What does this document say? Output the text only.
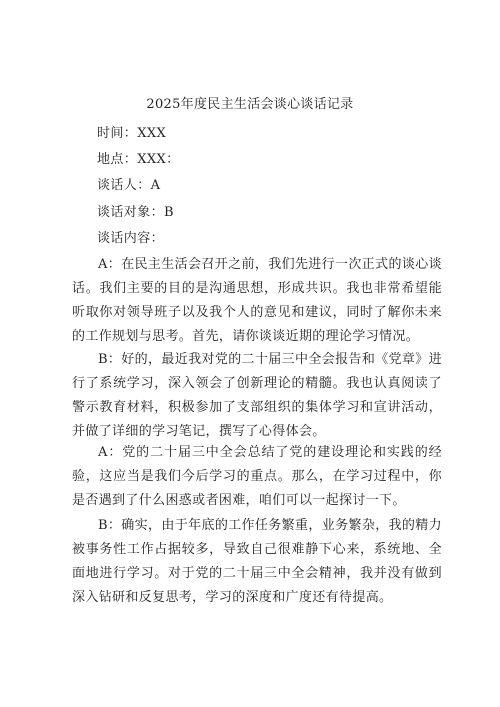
2025年度民主生活会谈心谈话记录
时间：XXX
地点：XXX：
谈话人：A
谈话对象：B
谈话内容：

A：在民主生活会召开之前，我们先进行一次正式的谈心谈话。我们主要的目的是沟通思想，形成共识。我也非常希望能听取你对领导班子以及我个人的意见和建议，同时了解你未来的工作规划与思考。首先，请你谈谈近期的理论学习情况。

B：好的，最近我对党的二十届三中全会报告和《党章》进行了系统学习，深入领会了创新理论的精髓。我也认真阅读了警示教育材料，积极参加了支部组织的集体学习和宣讲活动，并做了详细的学习笔记，撰写了心得体会。

A：党的二十届三中全会总结了党的建设理论和实践的经验，这应当是我们今后学习的重点。那么，在学习过程中，你是否遇到了什么困惑或者困难，咱们可以一起探讨一下。

B：确实，由于年底的工作任务繁重，业务繁杂，我的精力被事务性工作占据较多，导致自己很难静下心来，系统地、全面地进行学习。对于党的二十届三中全会精神，我并没有做到深入钻研和反复思考，学习的深度和广度还有待提高。
